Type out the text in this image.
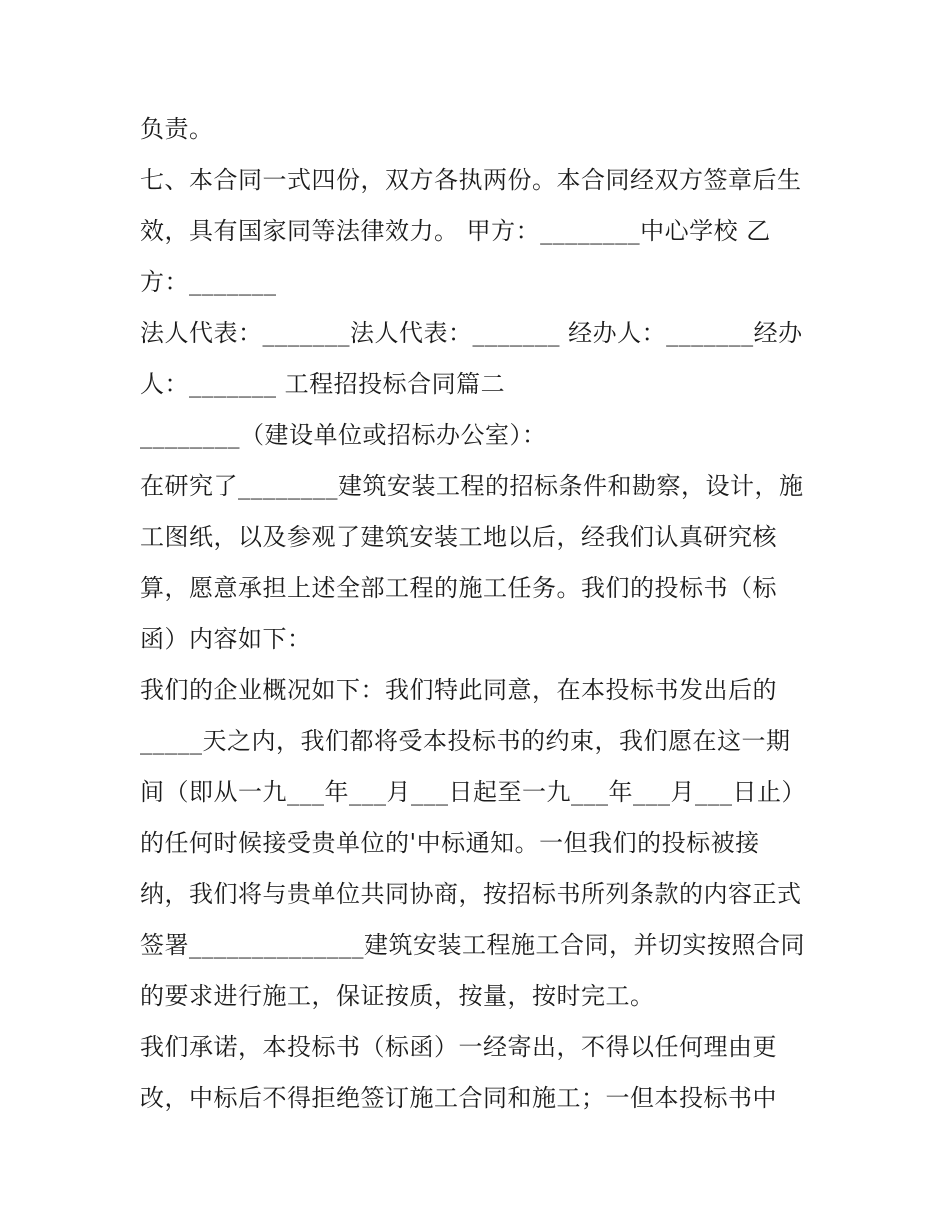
负责。

七、本合同一式四份，双方各执两份。本合同经双方签章后生

效，具有国家同等法律效力。 甲方：________中心学校 乙

方：_______

法人代表：_______法人代表：_______ 经办人：_______经办

人：_______ 工程招投标合同篇二

________（建设单位或招标办公室）：

在研究了________建筑安装工程的招标条件和勘察，设计，施

工图纸，以及参观了建筑安装工地以后，经我们认真研究核

算，愿意承担上述全部工程的施工任务。我们的投标书（标

函）内容如下：

我们的企业概况如下：我们特此同意，在本投标书发出后的

_____天之内，我们都将受本投标书的约束，我们愿在这一期

间（即从一九___年___月___日起至一九___年___月___日止）

的任何时候接受贵单位的'中标通知。一但我们的投标被接

纳，我们将与贵单位共同协商，按招标书所列条款的内容正式

签署______________建筑安装工程施工合同，并切实按照合同

的要求进行施工，保证按质，按量，按时完工。

我们承诺，本投标书（标函）一经寄出，不得以任何理由更

改，中标后不得拒绝签订施工合同和施工；一但本投标书中
